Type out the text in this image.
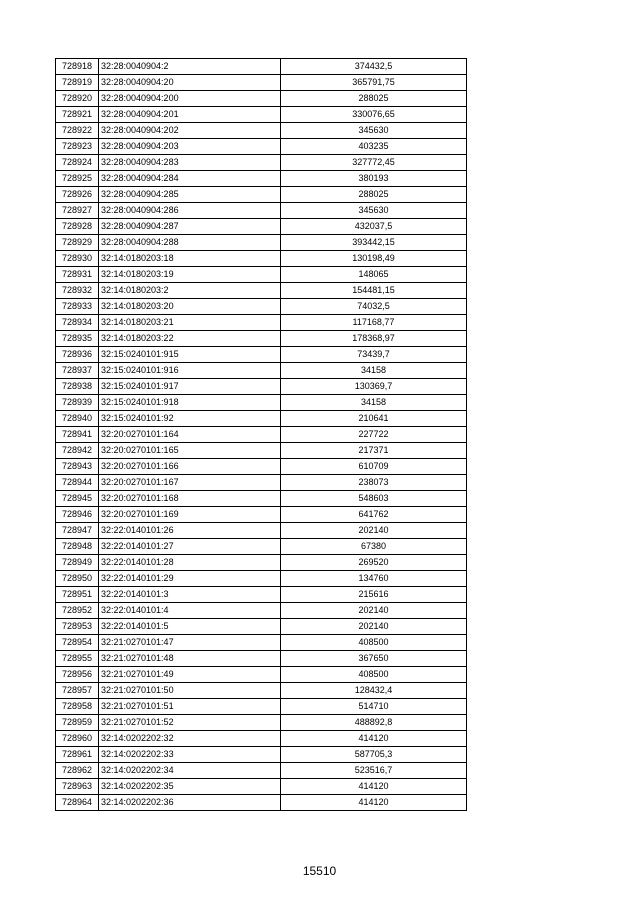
728918	32:28:0040904:2	374432,5
728919	32:28:0040904:20	365791,75
728920	32:28:0040904:200	288025
728921	32:28:0040904:201	330076,65
728922	32:28:0040904:202	345630
728923	32:28:0040904:203	403235
728924	32:28:0040904:283	327772,45
728925	32:28:0040904:284	380193
728926	32:28:0040904:285	288025
728927	32:28:0040904:286	345630
728928	32:28:0040904:287	432037,5
728929	32:28:0040904:288	393442,15
728930	32:14:0180203:18	130198,49
728931	32:14:0180203:19	148065
728932	32:14:0180203:2	154481,15
728933	32:14:0180203:20	74032,5
728934	32:14:0180203:21	117168,77
728935	32:14:0180203:22	178368,97
728936	32:15:0240101:915	73439,7
728937	32:15:0240101:916	34158
728938	32:15:0240101:917	130369,7
728939	32:15:0240101:918	34158
728940	32:15:0240101:92	210641
728941	32:20:0270101:164	227722
728942	32:20:0270101:165	217371
728943	32:20:0270101:166	610709
728944	32:20:0270101:167	238073
728945	32:20:0270101:168	548603
728946	32:20:0270101:169	641762
728947	32:22:0140101:26	202140
728948	32:22:0140101:27	67380
728949	32:22:0140101:28	269520
728950	32:22:0140101:29	134760
728951	32:22:0140101:3	215616
728952	32:22:0140101:4	202140
728953	32:22:0140101:5	202140
728954	32:21:0270101:47	408500
728955	32:21:0270101:48	367650
728956	32:21:0270101:49	408500
728957	32:21:0270101:50	128432,4
728958	32:21:0270101:51	514710
728959	32:21:0270101:52	488892,8
728960	32:14:0202202:32	414120
728961	32:14:0202202:33	587705,3
728962	32:14:0202202:34	523516,7
728963	32:14:0202202:35	414120
728964	32:14:0202202:36	414120
15510
